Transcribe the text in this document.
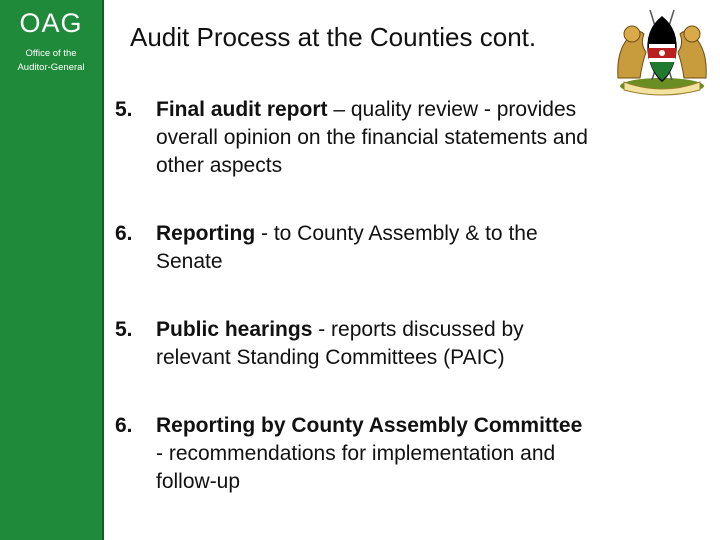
OAG
Office of the
Auditor-General
Audit Process at the Counties cont.
5. Final audit report – quality review - provides
overall opinion on the financial statements and
other aspects
6. Reporting - to County Assembly & to the
Senate
5. Public hearings - reports discussed by
relevant Standing Committees (PAIC)
6. Reporting by County Assembly Committee
- recommendations for implementation and
follow-up
